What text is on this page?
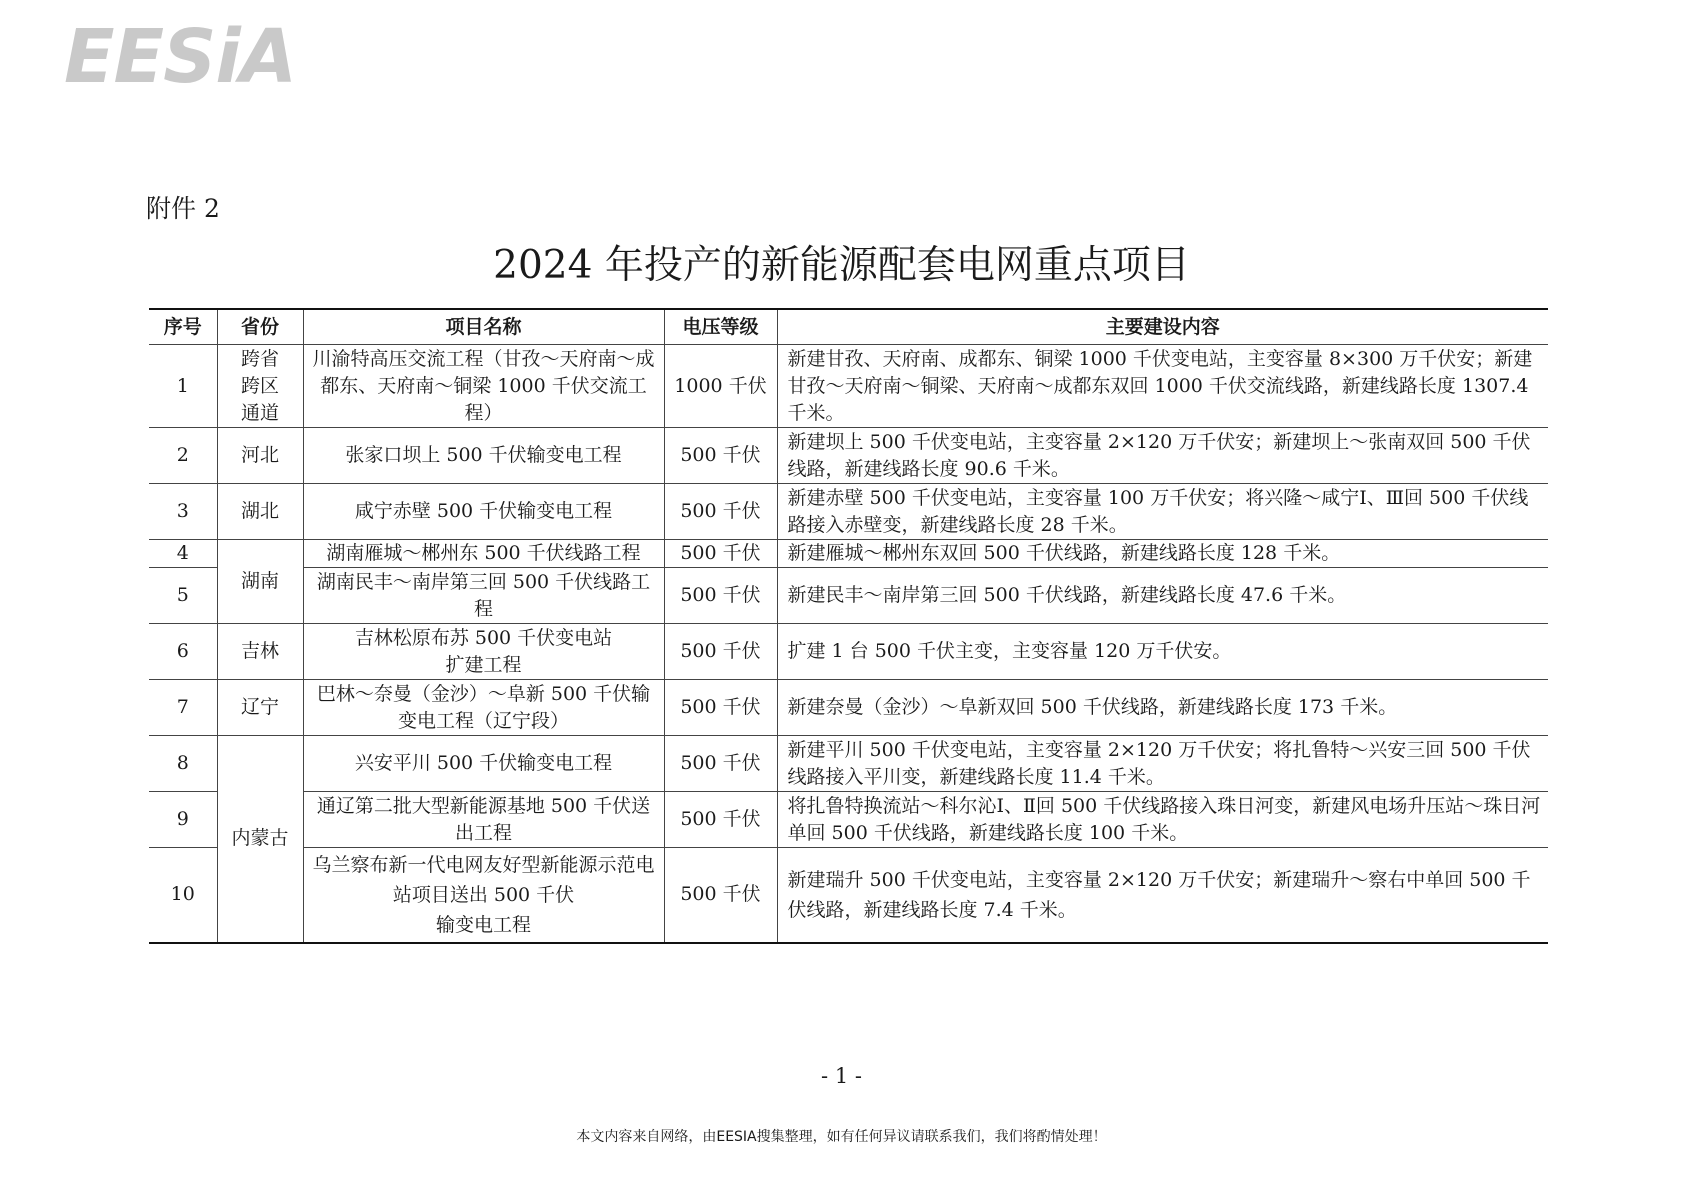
EESiA
附件 2
2024 年投产的新能源配套电网重点项目
序号	省份	项目名称	电压等级	主要建设内容
1	跨省
跨区
通道	川渝特高压交流工程（甘孜～天府南～成都东、天府南～铜梁 1000 千伏交流工程）	1000 千伏	新建甘孜、天府南、成都东、铜梁 1000 千伏变电站，主变容量 8×300 万千伏安；新建甘孜～天府南～铜梁、天府南～成都东双回 1000 千伏交流线路，新建线路长度 1307.4 千米。
2	河北	张家口坝上 500 千伏输变电工程	500 千伏	新建坝上 500 千伏变电站，主变容量 2×120 万千伏安；新建坝上～张南双回 500 千伏线路，新建线路长度 90.6 千米。
3	湖北	咸宁赤壁 500 千伏输变电工程	500 千伏	新建赤壁 500 千伏变电站，主变容量 100 万千伏安；将兴隆～咸宁Ⅰ、Ⅲ回 500 千伏线路接入赤壁变，新建线路长度 28 千米。
4	湖南	湖南雁城～郴州东 500 千伏线路工程	500 千伏	新建雁城～郴州东双回 500 千伏线路，新建线路长度 128 千米。
5		湖南民丰～南岸第三回 500 千伏线路工程	500 千伏	新建民丰～南岸第三回 500 千伏线路，新建线路长度 47.6 千米。
6	吉林	吉林松原布苏 500 千伏变电站
扩建工程	500 千伏	扩建 1 台 500 千伏主变，主变容量 120 万千伏安。
7	辽宁	巴林～奈曼（金沙）～阜新 500 千伏输变电工程（辽宁段）	500 千伏	新建奈曼（金沙）～阜新双回 500 千伏线路，新建线路长度 173 千米。
8	内蒙古	兴安平川 500 千伏输变电工程	500 千伏	新建平川 500 千伏变电站，主变容量 2×120 万千伏安；将扎鲁特～兴安三回 500 千伏线路接入平川变，新建线路长度 11.4 千米。
9		通辽第二批大型新能源基地 500 千伏送出工程	500 千伏	将扎鲁特换流站～科尔沁Ⅰ、Ⅱ回 500 千伏线路接入珠日河变，新建风电场升压站～珠日河单回 500 千伏线路，新建线路长度 100 千米。
10		乌兰察布新一代电网友好型新能源示范电站项目送出 500 千伏
输变电工程	500 千伏	新建瑞升 500 千伏变电站，主变容量 2×120 万千伏安；新建瑞升～察右中单回 500 千伏线路，新建线路长度 7.4 千米。
- 1 -
本文内容来自网络，由EESIA搜集整理，如有任何异议请联系我们，我们将酌情处理！
